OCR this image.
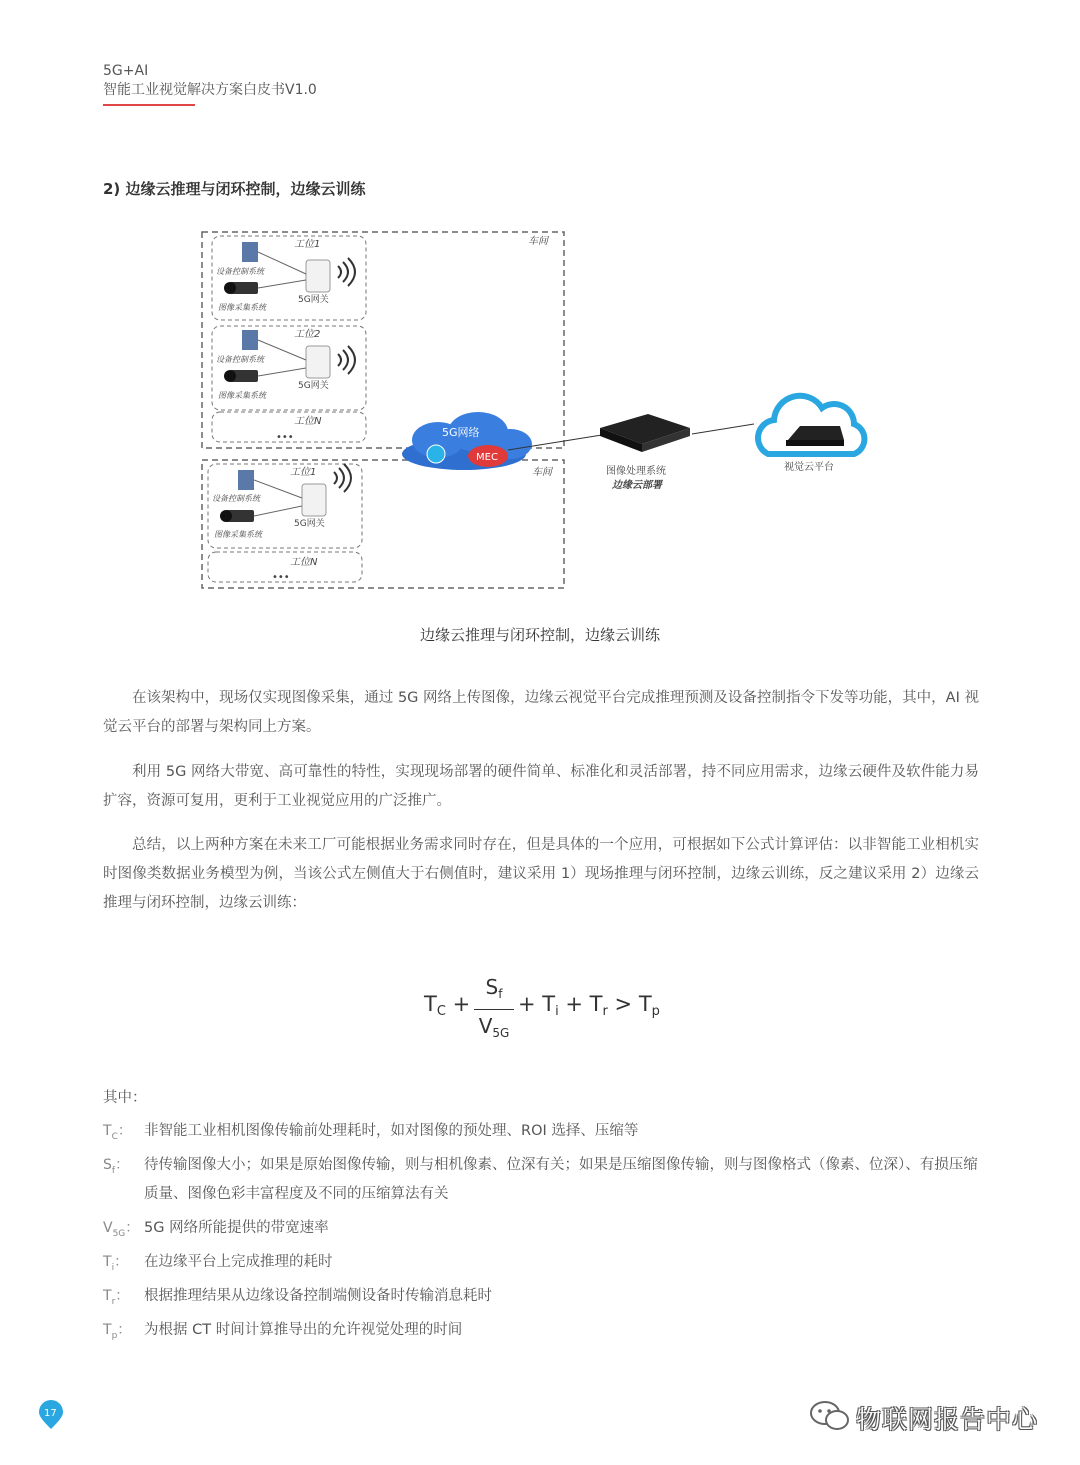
5G+AI
智能工业视觉解决方案白皮书V1.0
2) 边缘云推理与闭环控制，边缘云训练
车间
工位1
设备控制系统
图像采集系统
5G网关
工位2
设备控制系统
图像采集系统
5G网关
工位N
•••
车间
工位1
设备控制系统
图像采集系统
5G网关
工位N
•••
5G网络
MEC
图像处理系统
边缘云部署
视觉云平台
边缘云推理与闭环控制，边缘云训练

在该架构中，现场仅实现图像采集，通过 5G 网络上传图像，边缘云视觉平台完成推理预测及设备控制指令下发等功能，其中，AI 视觉云平台的部署与架构同上方案。

利用 5G 网络大带宽、高可靠性的特性，实现现场部署的硬件简单、标准化和灵活部署，持不同应用需求，边缘云硬件及软件能力易扩容，资源可复用，更利于工业视觉应用的广泛推广。

总结，以上两种方案在未来工厂可能根据业务需求同时存在，但是具体的一个应用，可根据如下公式计算评估：以非智能工业相机实时图像类数据业务模型为例，当该公式左侧值大于右侧值时，建议采用 1）现场推理与闭环控制，边缘云训练，反之建议采用 2）边缘云推理与闭环控制，边缘云训练：

$T_C$ +
$S_f$
$V_{5G}$
+ $T_i + T_r > T_p$
其中：
$T_C$： 非智能工业相机图像传输前处理耗时，如对图像的预处理、ROI 选择、压缩等
$S_f$： 待传输图像大小；如果是原始图像传输，则与相机像素、位深有关；如果是压缩图像传输，则与图像格式（像素、位深）、有损压缩质量、图像色彩丰富程度及不同的压缩算法有关
$V_{5G}$： 5G 网络所能提供的带宽速率
$T_i$： 在边缘平台上完成推理的耗时
$T_r$： 根据推理结果从边缘设备控制端侧设备时传输消息耗时
$T_p$： 为根据 CT 时间计算推导出的允许视觉处理的时间
17	物联网报告中心
